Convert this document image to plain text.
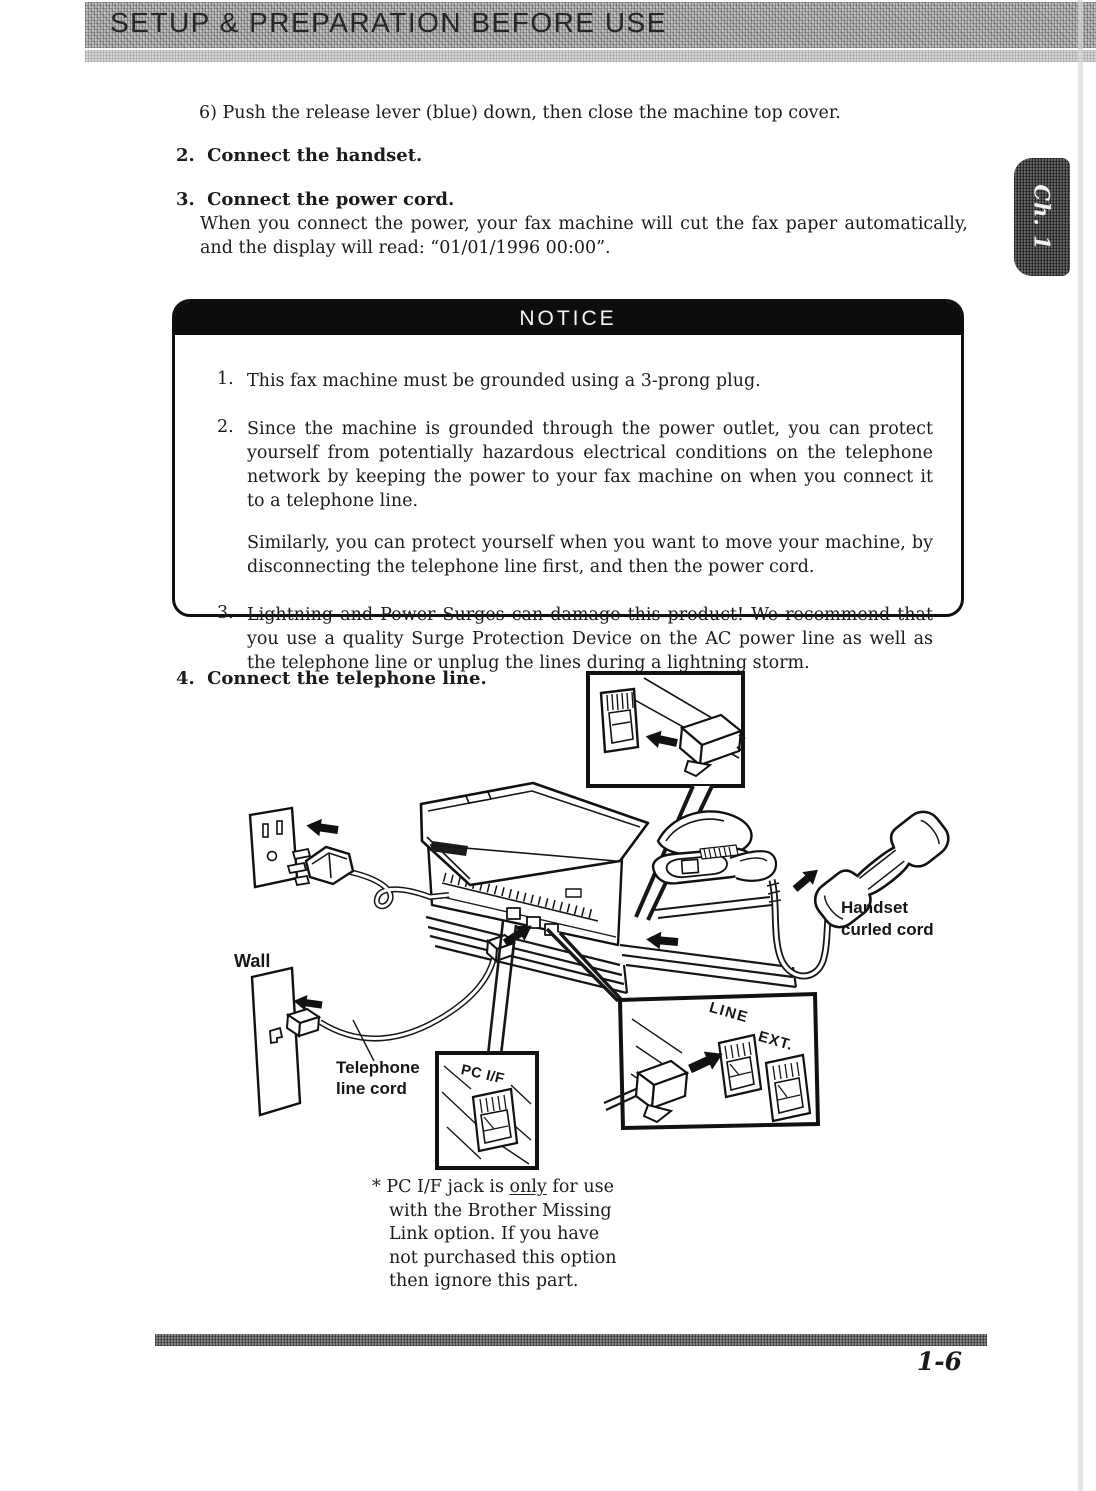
SETUP & PREPARATION BEFORE USE
Ch. 1
6) Push the release lever (blue) down, then close the machine top cover.
2. Connect the handset.
3. Connect the power cord.
When you connect the power, your fax machine will cut the fax paper automatically, and the display will read: “01/01/1996 00:00”.
NOTICE
1. This fax machine must be grounded using a 3-prong plug.
2. Since the machine is grounded through the power outlet, you can protect yourself from potentially hazardous electrical conditions on the telephone network by keeping the power to your fax machine on when you connect it to a telephone line.
Similarly, you can protect yourself when you want to move your machine, by disconnecting the telephone line first, and then the power cord.
3. Lightning and Power Surges can damage this product! We recommend that you use a quality Surge Protection Device on the AC power line as well as the telephone line or unplug the lines during a lightning storm.
4. Connect the telephone line.
Wall
Telephone line cord
Handset curled cord
PC I/F
LINE
EXT.
* PC I/F jack is only for use
with the Brother Missing
Link option. If you have
not purchased this option
then ignore this part.
1-6
